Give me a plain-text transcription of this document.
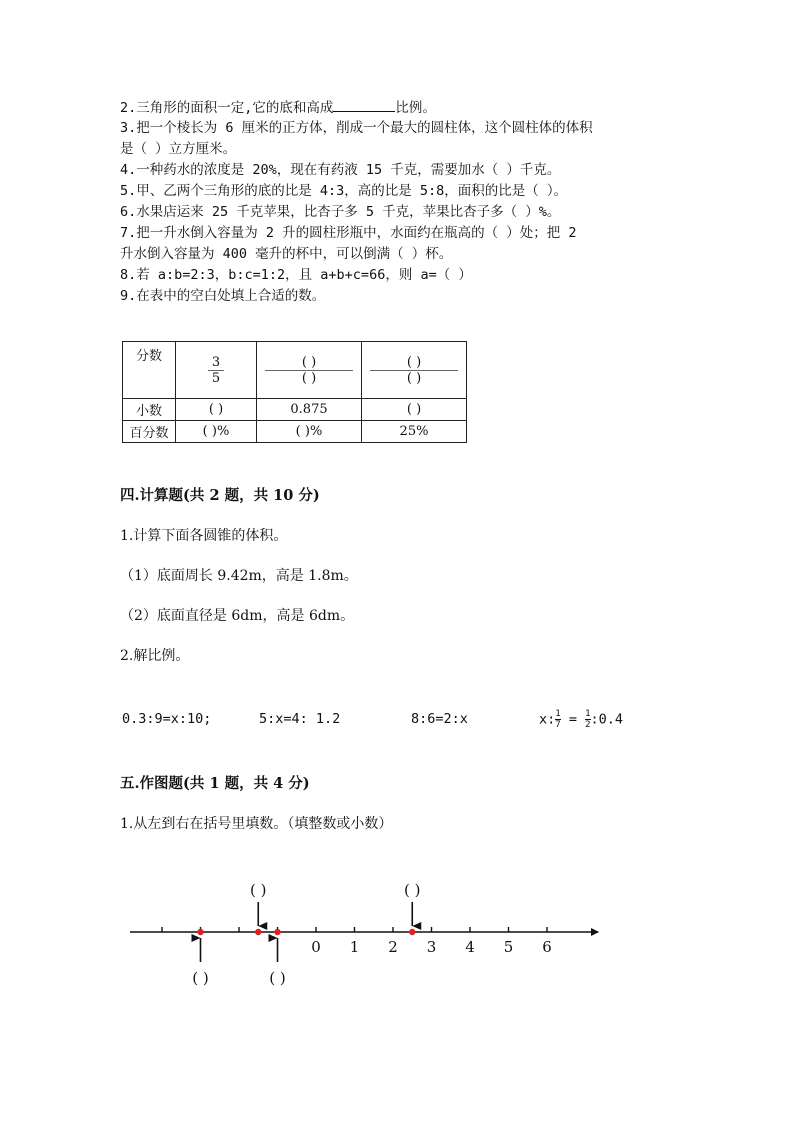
2.三角形的面积一定,它的底和高成	比例。
3.把一个棱长为 6 厘米的正方体，削成一个最大的圆柱体，这个圆柱体的体积
是（ ）立方厘米。
4.一种药水的浓度是 20%，现在有药液 15 千克，需要加水（ ）千克。
5.甲、乙两个三角形的底的比是 4:3，高的比是 5:8，面积的比是（ ）。
6.水果店运来 25 千克苹果，比杏子多 5 千克，苹果比杏子多（ ）%。
7.把一升水倒入容量为 2 升的圆柱形瓶中，水面约在瓶高的（ ）处；把 2
升水倒入容量为 400 毫升的杯中，可以倒满（ ）杯。
8.若 a:b=2:3，b:c=1:2，且 a+b+c=66，则 a=（ ）
9.在表中的空白处填上合适的数。
分数	$\frac{3}{5}$	$\frac{( )}{( )}$	$\frac{( )}{( )}$

小数	( )	0.875	( )
百分数	( )%	( )%	25%
四.计算题(共 2 题，共 10 分)
1.计算下面各圆锥的体积。
（1）底面周长 9.42m，高是 1.8m。
（2）底面直径是 6dm，高是 6dm。
2.解比例。
0.3:9=x:10;	5:x=4: 1.2	8:6=2:x	x: $\frac{1}{7} = \frac{1}{2}$ :0.4
五.作图题(共 1 题，共 4 分)
1.从左到右在括号里填数。（填整数或小数）
0 1 2 3 4 5 6
( )
( )
( )
( )
